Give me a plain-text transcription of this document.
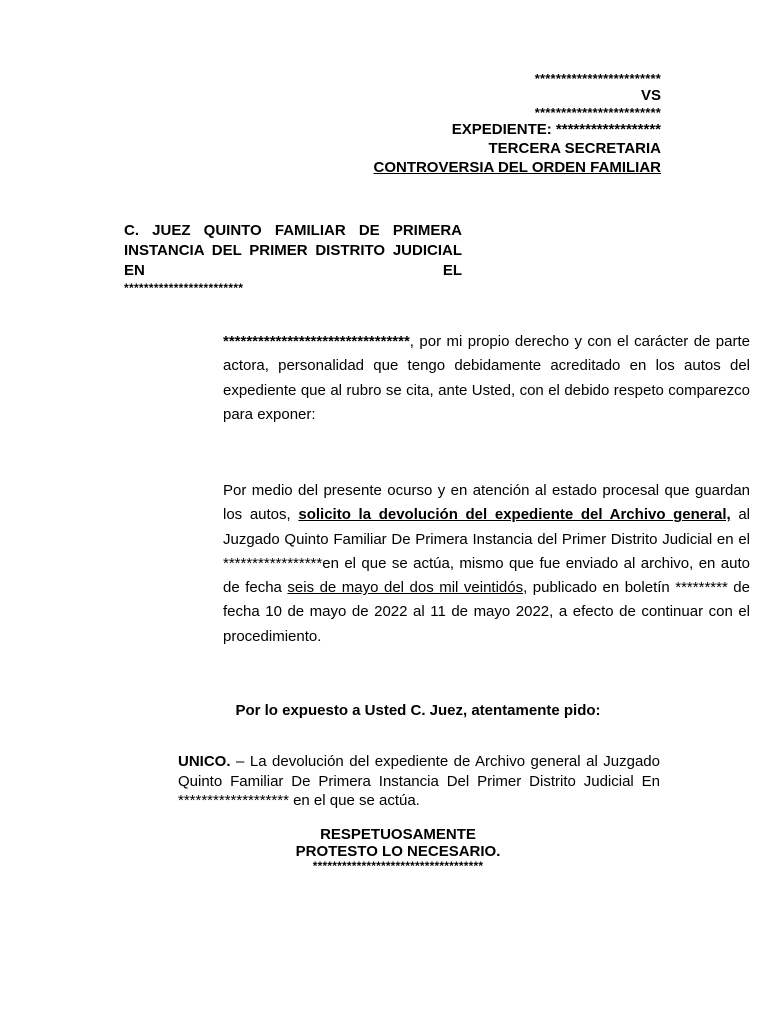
************************
VS
************************
EXPEDIENTE: ******************
TERCERA SECRETARIA
CONTROVERSIA DEL ORDEN FAMILIAR
C. JUEZ QUINTO FAMILIAR DE PRIMERA INSTANCIA DEL PRIMER DISTRITO JUDICIAL EN EL
************************
********************************, por mi propio derecho y con el carácter de parte actora, personalidad que tengo debidamente acreditado en los autos del expediente que al rubro se cita, ante Usted, con el debido respeto comparezco para exponer:
Por medio del presente ocurso y en atención al estado procesal que guardan los autos, solicito la devolución del expediente del Archivo general, al Juzgado Quinto Familiar De Primera Instancia del Primer Distrito Judicial en el *****************en el que se actúa, mismo que fue enviado al archivo, en auto de fecha seis de mayo del dos mil veintidós, publicado en boletín ********* de fecha 10 de mayo de 2022 al 11 de mayo 2022, a efecto de continuar con el procedimiento.
Por lo expuesto a Usted C. Juez, atentamente pido:
UNICO. – La devolución del expediente de Archivo general al Juzgado Quinto Familiar De Primera Instancia Del Primer Distrito Judicial En ******************* en el que se actúa.
RESPETUOSAMENTE
PROTESTO LO NECESARIO.
***********************************
